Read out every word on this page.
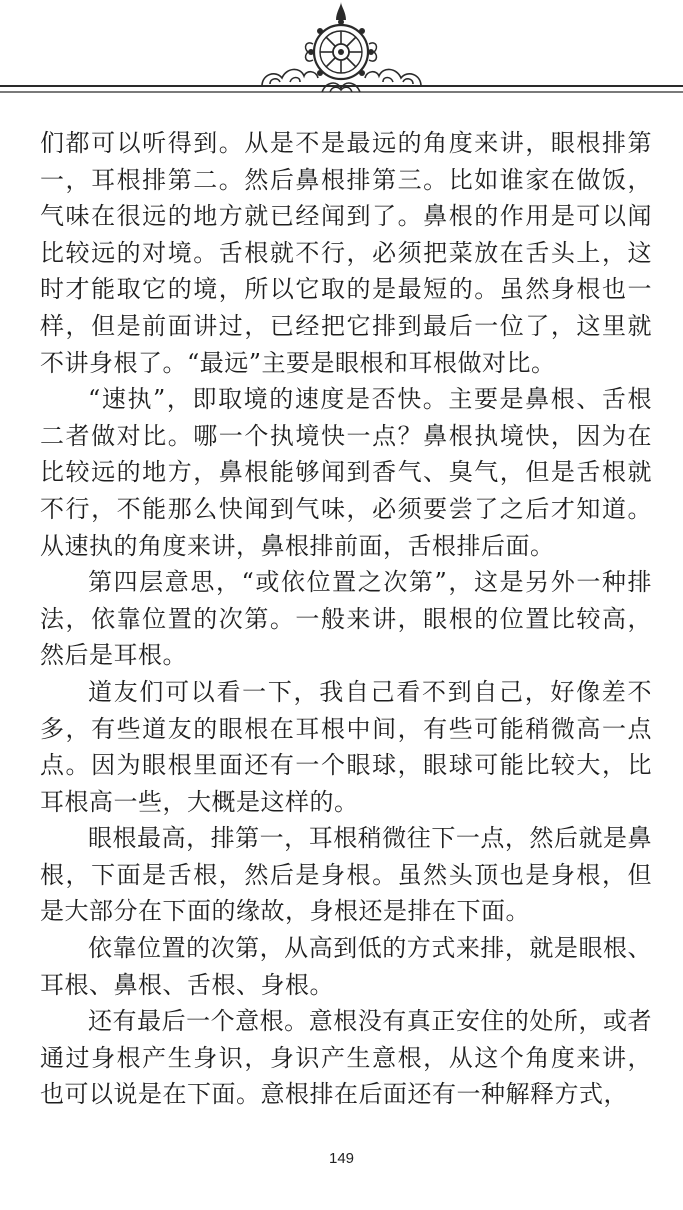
们都可以听得到。从是不是最远的角度来讲，眼根排第一，耳根排第二。然后鼻根排第三。比如谁家在做饭，气味在很远的地方就已经闻到了。鼻根的作用是可以闻比较远的对境。舌根就不行，必须把菜放在舌头上，这时才能取它的境，所以它取的是最短的。虽然身根也一样，但是前面讲过，已经把它排到最后一位了，这里就不讲身根了。“最远”主要是眼根和耳根做对比。

“速执”，即取境的速度是否快。主要是鼻根、舌根二者做对比。哪一个执境快一点？鼻根执境快，因为在比较远的地方，鼻根能够闻到香气、臭气，但是舌根就不行，不能那么快闻到气味，必须要尝了之后才知道。从速执的角度来讲，鼻根排前面，舌根排后面。

第四层意思，“或依位置之次第”，这是另外一种排法，依靠位置的次第。一般来讲，眼根的位置比较高，然后是耳根。

道友们可以看一下，我自己看不到自己，好像差不多，有些道友的眼根在耳根中间，有些可能稍微高一点点。因为眼根里面还有一个眼球，眼球可能比较大，比耳根高一些，大概是这样的。

眼根最高，排第一，耳根稍微往下一点，然后就是鼻根，下面是舌根，然后是身根。虽然头顶也是身根，但是大部分在下面的缘故，身根还是排在下面。

依靠位置的次第，从高到低的方式来排，就是眼根、耳根、鼻根、舌根、身根。

还有最后一个意根。意根没有真正安住的处所，或者通过身根产生身识，身识产生意根，从这个角度来讲，也可以说是在下面。意根排在后面还有一种解释方式，

149
